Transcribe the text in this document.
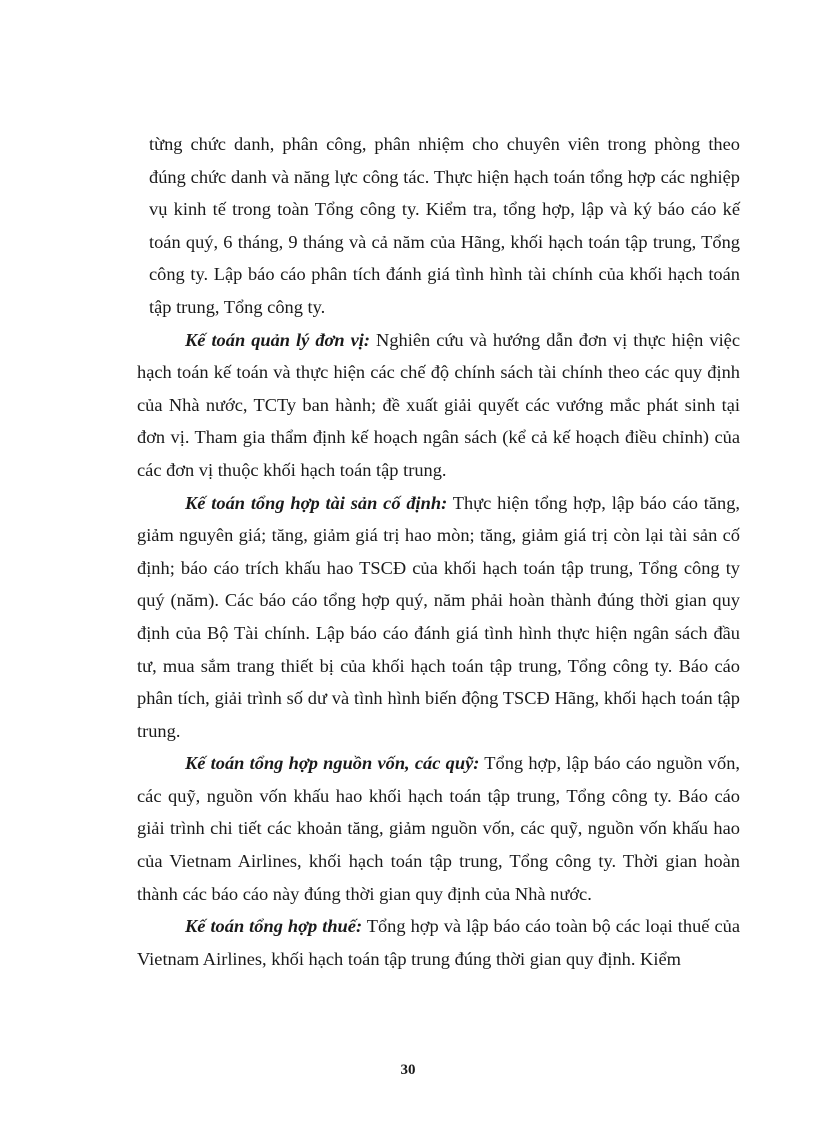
từng chức danh, phân công, phân nhiệm cho chuyên viên trong phòng theo đúng chức danh và năng lực công tác. Thực hiện hạch toán tổng hợp các nghiệp vụ kinh tế trong toàn Tổng công ty. Kiểm tra, tổng hợp, lập và ký báo cáo kế toán quý, 6 tháng, 9 tháng và cả năm của Hãng, khối hạch toán tập trung, Tổng công ty. Lập báo cáo phân tích đánh giá tình hình tài chính của khối hạch toán tập trung, Tổng công ty.

Kế toán quản lý đơn vị: Nghiên cứu và hướng dẫn đơn vị thực hiện việc hạch toán kế toán và thực hiện các chế độ chính sách tài chính theo các quy định của Nhà nước, TCTy ban hành; đề xuất giải quyết các vướng mắc phát sinh tại đơn vị. Tham gia thẩm định kế hoạch ngân sách (kể cả kế hoạch điều chỉnh) của các đơn vị thuộc khối hạch toán tập trung.

Kế toán tổng hợp tài sản cố định: Thực hiện tổng hợp, lập báo cáo tăng, giảm nguyên giá; tăng, giảm giá trị hao mòn; tăng, giảm giá trị còn lại tài sản cố định; báo cáo trích khấu hao TSCĐ của khối hạch toán tập trung, Tổng công ty quý (năm). Các báo cáo tổng hợp quý, năm phải hoàn thành đúng thời gian quy định của Bộ Tài chính. Lập báo cáo đánh giá tình hình thực hiện ngân sách đầu tư, mua sắm trang thiết bị của khối hạch toán tập trung, Tổng công ty. Báo cáo phân tích, giải trình số dư và tình hình biến động TSCĐ Hãng, khối hạch toán tập trung.

Kế toán tổng hợp nguồn vốn, các quỹ: Tổng hợp, lập báo cáo nguồn vốn, các quỹ, nguồn vốn khấu hao khối hạch toán tập trung, Tổng công ty. Báo cáo giải trình chi tiết các khoản tăng, giảm nguồn vốn, các quỹ, nguồn vốn khấu hao của Vietnam Airlines, khối hạch toán tập trung, Tổng công ty. Thời gian hoàn thành các báo cáo này đúng thời gian quy định của Nhà nước.

Kế toán tổng hợp thuế: Tổng hợp và lập báo cáo toàn bộ các loại thuế của Vietnam Airlines, khối hạch toán tập trung đúng thời gian quy định. Kiểm

30
